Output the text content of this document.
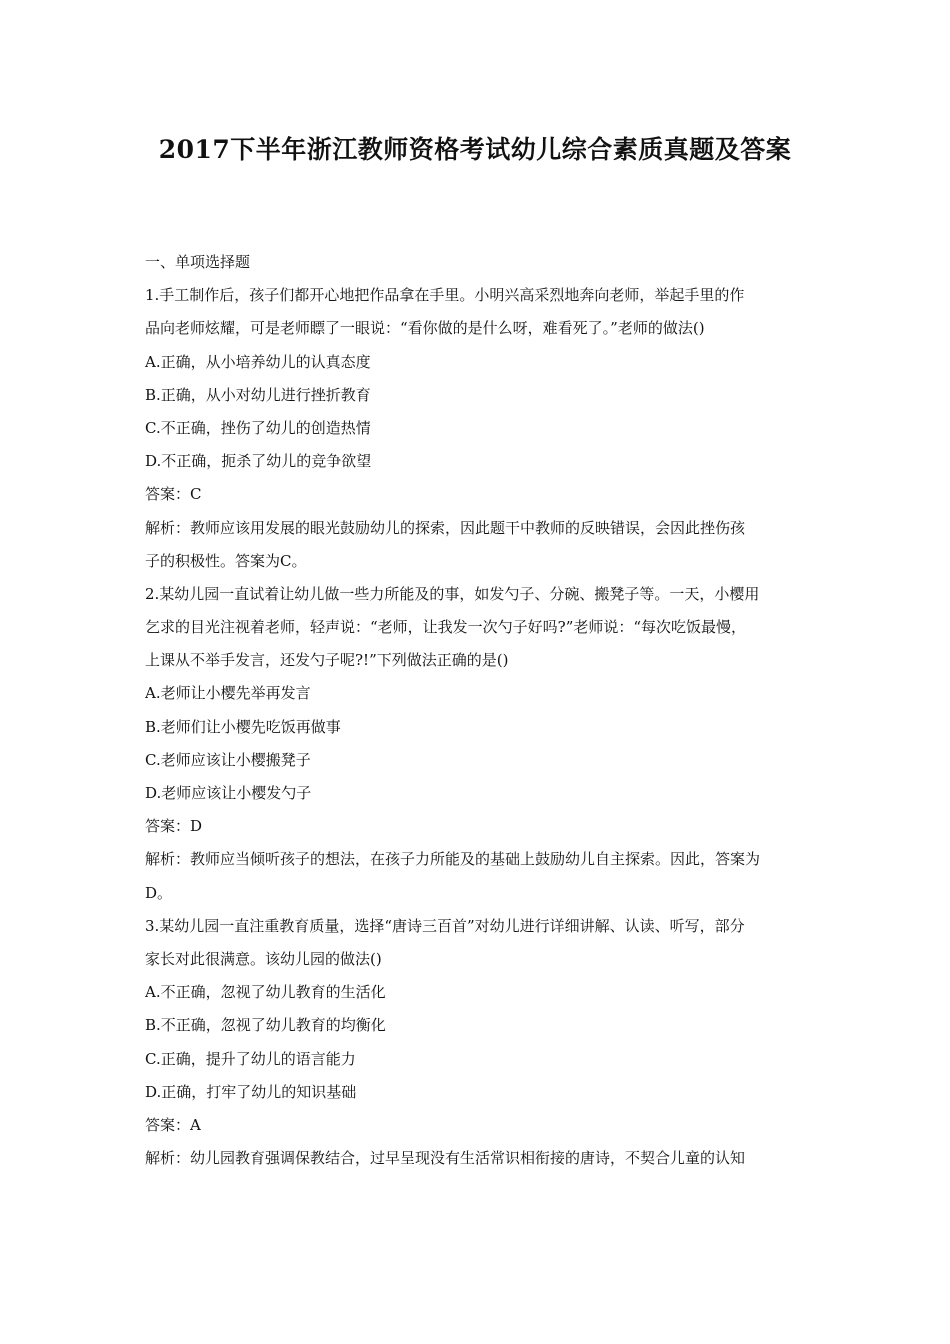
2017下半年浙江教师资格考试幼儿综合素质真题及答案
一、单项选择题
1.手工制作后，孩子们都开心地把作品拿在手里。小明兴高采烈地奔向老师，举起手里的作
品向老师炫耀，可是老师瞟了一眼说：“看你做的是什么呀，难看死了。”老师的做法()
A.正确，从小培养幼儿的认真态度
B.正确，从小对幼儿进行挫折教育
C.不正确，挫伤了幼儿的创造热情
D.不正确，扼杀了幼儿的竞争欲望
答案：C
解析：教师应该用发展的眼光鼓励幼儿的探索，因此题干中教师的反映错误，会因此挫伤孩
子的积极性。答案为C。
2.某幼儿园一直试着让幼儿做一些力所能及的事，如发勺子、分碗、搬凳子等。一天，小樱用
乞求的目光注视着老师，轻声说：“老师，让我发一次勺子好吗?”老师说：“每次吃饭最慢，
上课从不举手发言，还发勺子呢?!”下列做法正确的是()
A.老师让小樱先举再发言
B.老师们让小樱先吃饭再做事
C.老师应该让小樱搬凳子
D.老师应该让小樱发勺子
答案：D
解析：教师应当倾听孩子的想法，在孩子力所能及的基础上鼓励幼儿自主探索。因此，答案为
D。
3.某幼儿园一直注重教育质量，选择“唐诗三百首”对幼儿进行详细讲解、认读、听写，部分
家长对此很满意。该幼儿园的做法()
A.不正确，忽视了幼儿教育的生活化
B.不正确，忽视了幼儿教育的均衡化
C.正确，提升了幼儿的语言能力
D.正确，打牢了幼儿的知识基础
答案：A
解析：幼儿园教育强调保教结合，过早呈现没有生活常识相衔接的唐诗，不契合儿童的认知
